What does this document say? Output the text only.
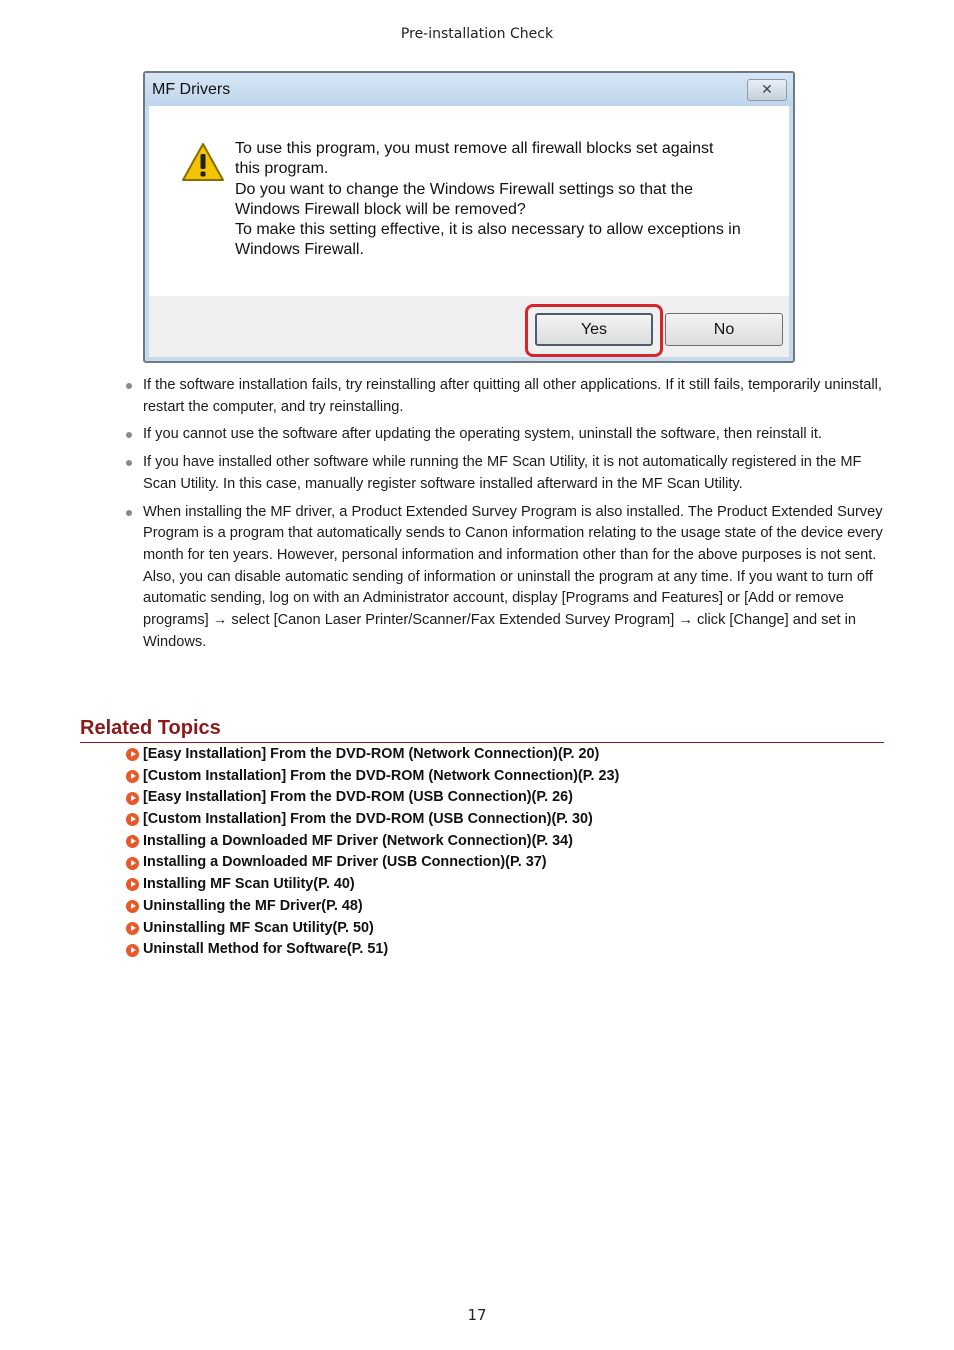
Pre-installation Check
MF Drivers	✕

To use this program, you must remove all firewall blocks set against

this program.

Do you want to change the Windows Firewall settings so that the

Windows Firewall block will be removed?

To make this setting effective, it is also necessary to allow exceptions in

Windows Firewall.

Yes	No
If the software installation fails, try reinstalling after quitting all other applications. If it still fails, temporarily uninstall, restart the computer, and try reinstalling.
If you cannot use the software after updating the operating system, uninstall the software, then reinstall it.
If you have installed other software while running the MF Scan Utility, it is not automatically registered in the MF Scan Utility. In this case, manually register software installed afterward in the MF Scan Utility.
When installing the MF driver, a Product Extended Survey Program is also installed. The Product Extended Survey Program is a program that automatically sends to Canon information relating to the usage state of the device every month for ten years. However, personal information and information other than for the above purposes is not sent. Also, you can disable automatic sending of information or uninstall the program at any time. If you want to turn off automatic sending, log on with an Administrator account, display [Programs and Features] or [Add or remove programs] → select [Canon Laser Printer/Scanner/Fax Extended Survey Program] → click [Change] and set in Windows.
Related Topics
[Easy Installation] From the DVD-ROM (Network Connection)(P. 20)
[Custom Installation] From the DVD-ROM (Network Connection)(P. 23)
[Easy Installation] From the DVD-ROM (USB Connection)(P. 26)
[Custom Installation] From the DVD-ROM (USB Connection)(P. 30)
Installing a Downloaded MF Driver (Network Connection)(P. 34)
Installing a Downloaded MF Driver (USB Connection)(P. 37)
Installing MF Scan Utility(P. 40)
Uninstalling the MF Driver(P. 48)
Uninstalling MF Scan Utility(P. 50)
Uninstall Method for Software(P. 51)
17
